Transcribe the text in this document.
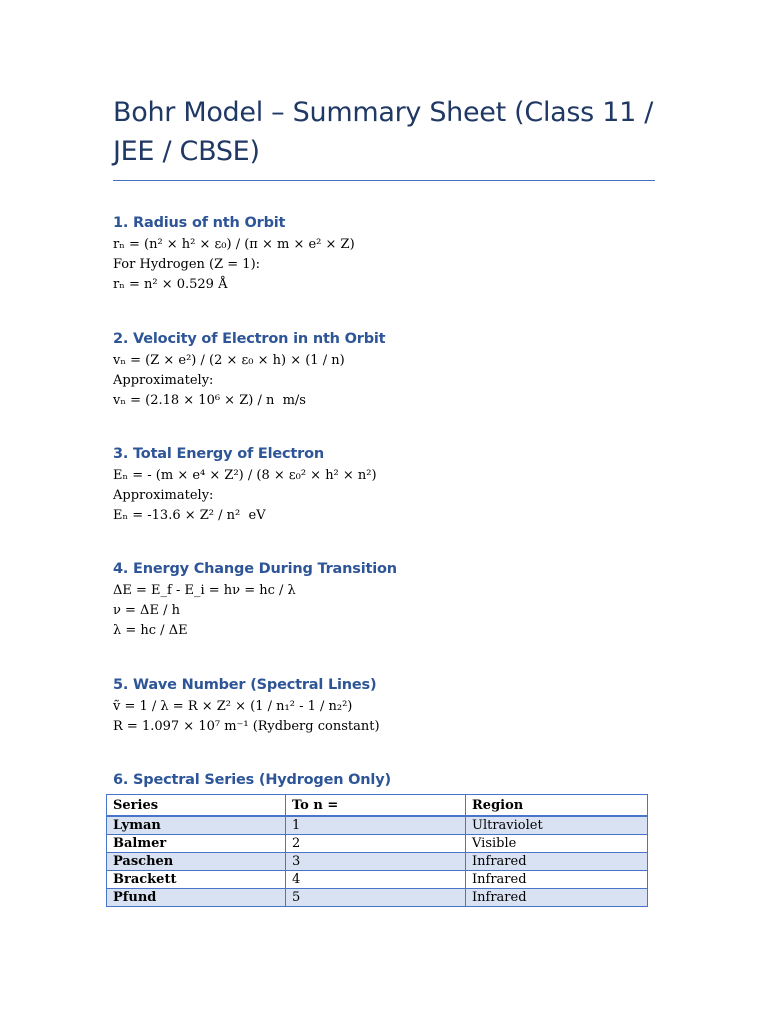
Bohr Model – Summary Sheet (Class 11 / JEE / CBSE)
1. Radius of nth Orbit
rₙ = (n² × h² × ε₀) / (π × m × e² × Z)
For Hydrogen (Z = 1):
rₙ = n² × 0.529 Å
2. Velocity of Electron in nth Orbit
vₙ = (Z × e²) / (2 × ε₀ × h) × (1 / n)
Approximately:
vₙ = (2.18 × 10⁶ × Z) / n  m/s
3. Total Energy of Electron
Eₙ = - (m × e⁴ × Z²) / (8 × ε₀² × h² × n²)
Approximately:
Eₙ = -13.6 × Z² / n²  eV
4. Energy Change During Transition
ΔE = E_f - E_i = hν = hc / λ
ν = ΔE / h
λ = hc / ΔE
5. Wave Number (Spectral Lines)
ṽ = 1 / λ = R × Z² × (1 / n₁² - 1 / n₂²)
R = 1.097 × 10⁷ m⁻¹ (Rydberg constant)
6. Spectral Series (Hydrogen Only)
Series	To n =	Region
Lyman	1	Ultraviolet
Balmer	2	Visible
Paschen	3	Infrared
Brackett	4	Infrared
Pfund	5	Infrared
